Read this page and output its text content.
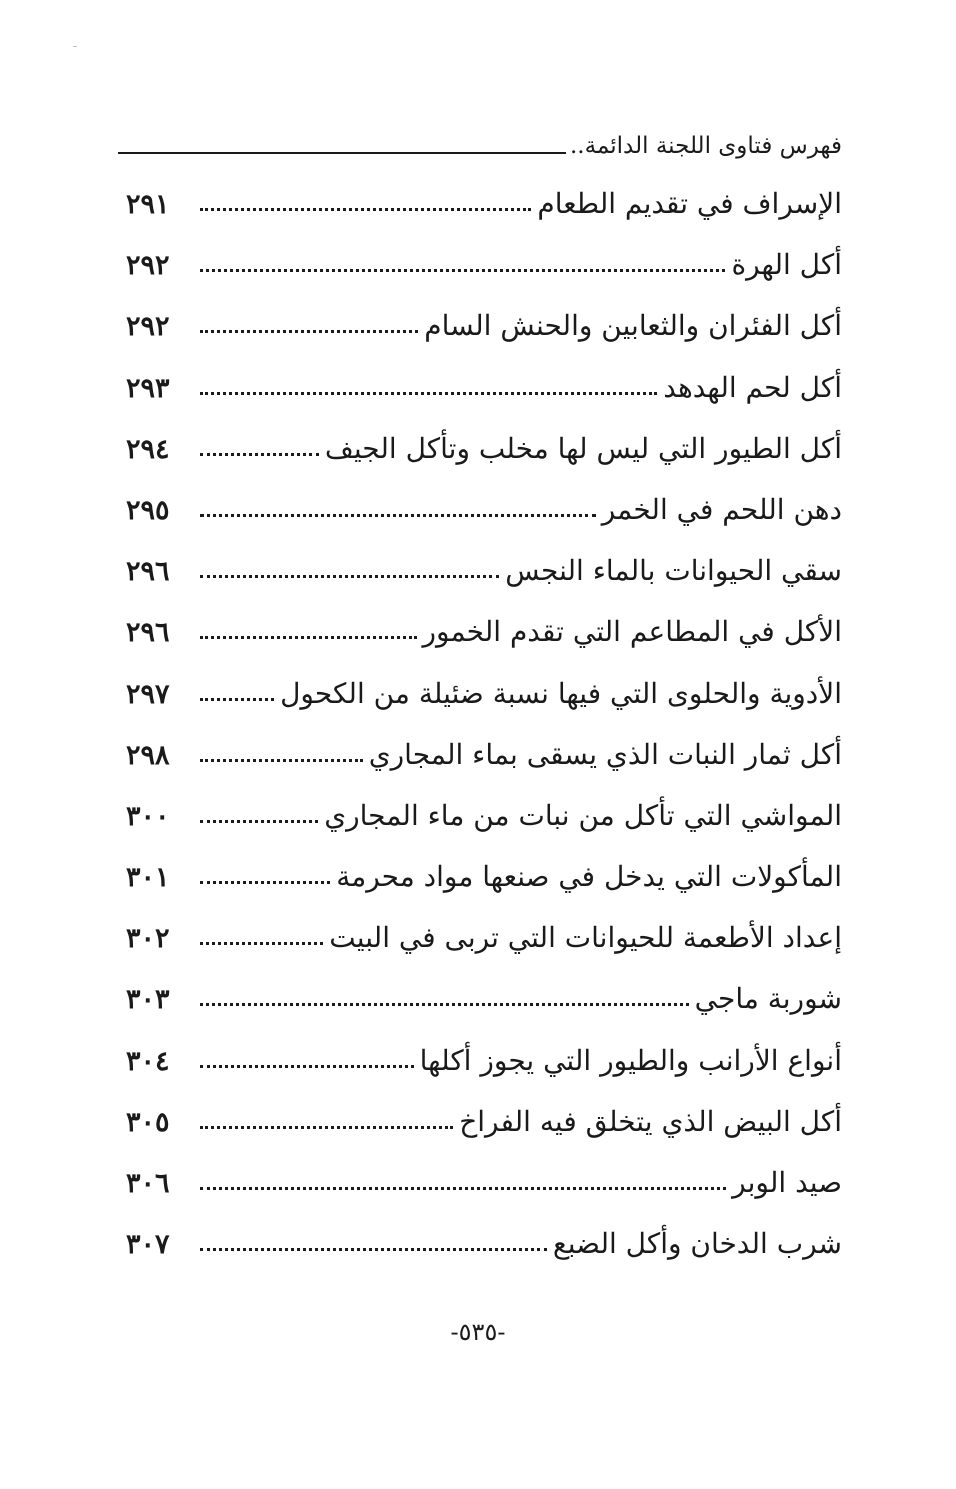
فهرس فتاوى اللجنة الدائمة..
الإسراف في تقديم الطعام
٢٩١
أكل الهرة
٢٩٢
أكل الفئران والثعابين والحنش السام
٢٩٢
أكل لحم الهدهد
٢٩٣
أكل الطيور التي ليس لها مخلب وتأكل الجيف
٢٩٤
دهن اللحم في الخمر
٢٩٥
سقي الحيوانات بالماء النجس
٢٩٦
الأكل في المطاعم التي تقدم الخمور
٢٩٦
الأدوية والحلوى التي فيها نسبة ضئيلة من الكحول
٢٩٧
أكل ثمار النبات الذي يسقى بماء المجاري
٢٩٨
المواشي التي تأكل من نبات من ماء المجاري
٣٠٠
المأكولات التي يدخل في صنعها مواد محرمة
٣٠١
إعداد الأطعمة للحيوانات التي تربى في البيت
٣٠٢
شوربة ماجي
٣٠٣
أنواع الأرانب والطيور التي يجوز أكلها
٣٠٤
أكل البيض الذي يتخلق فيه الفراخ
٣٠٥
صيد الوبر
٣٠٦
شرب الدخان وأكل الضبع
٣٠٧
-٥٣٥-
